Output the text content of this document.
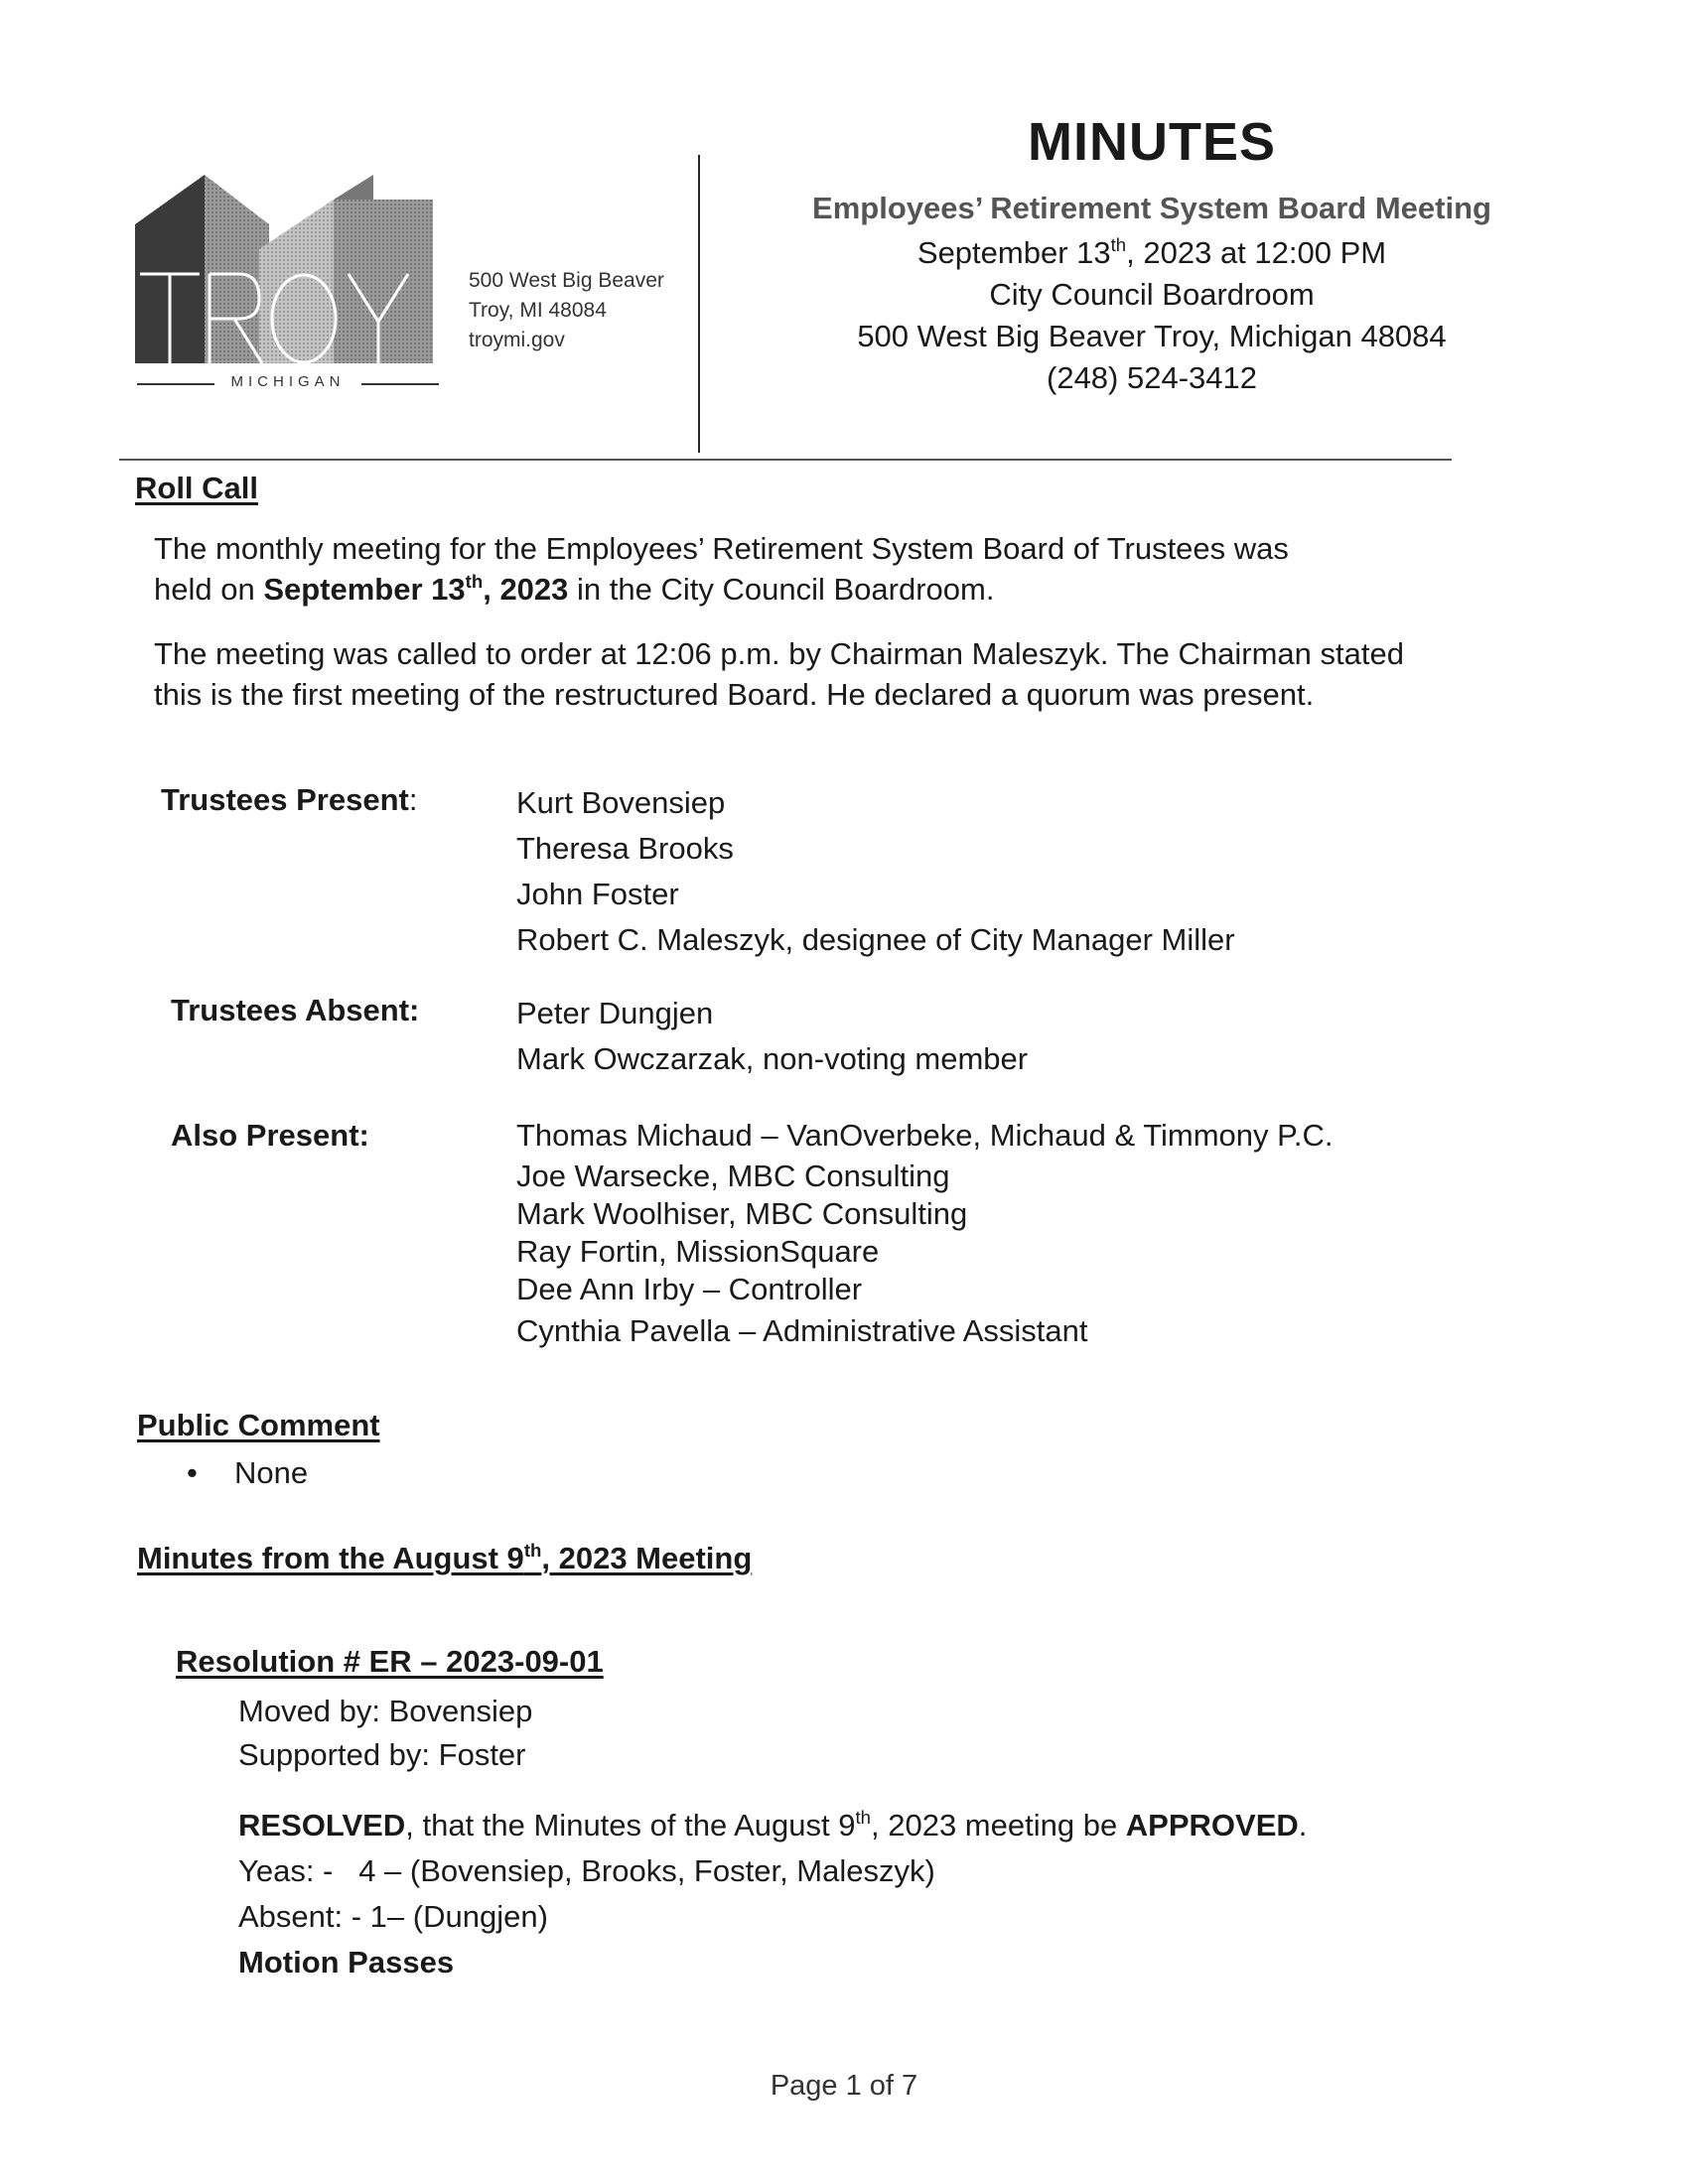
MICHIGAN
500 West Big Beaver
Troy, MI 48084
troymi.gov
MINUTES
Employees’ Retirement System Board Meeting
September 13th, 2023 at 12:00 PM
City Council Boardroom
500 West Big Beaver Troy, Michigan 48084
(248) 524-3412
Roll Call
The monthly meeting for the Employees’ Retirement System Board of Trustees was
held on September 13th, 2023 in the City Council Boardroom.
The meeting was called to order at 12:06 p.m. by Chairman Maleszyk. The Chairman stated
this is the first meeting of the restructured Board. He declared a quorum was present.
Trustees Present:	Kurt Bovensiep
Theresa Brooks
John Foster
Robert C. Maleszyk, designee of City Manager Miller
Trustees Absent:	Peter Dungjen
Mark Owczarzak, non-voting member
Also Present:	Thomas Michaud – VanOverbeke, Michaud & Timmony P.C.
Joe Warsecke, MBC Consulting
Mark Woolhiser, MBC Consulting
Ray Fortin, MissionSquare
Dee Ann Irby – Controller
Cynthia Pavella – Administrative Assistant
Public Comment
• None
Minutes from the August 9th, 2023 Meeting
Resolution # ER – 2023-09-01
Moved by: Bovensiep
Supported by: Foster
RESOLVED, that the Minutes of the August 9th, 2023 meeting be APPROVED.
Yeas: -   4 – (Bovensiep, Brooks, Foster, Maleszyk)
Absent: - 1– (Dungjen)
Motion Passes
Page 1 of 7
